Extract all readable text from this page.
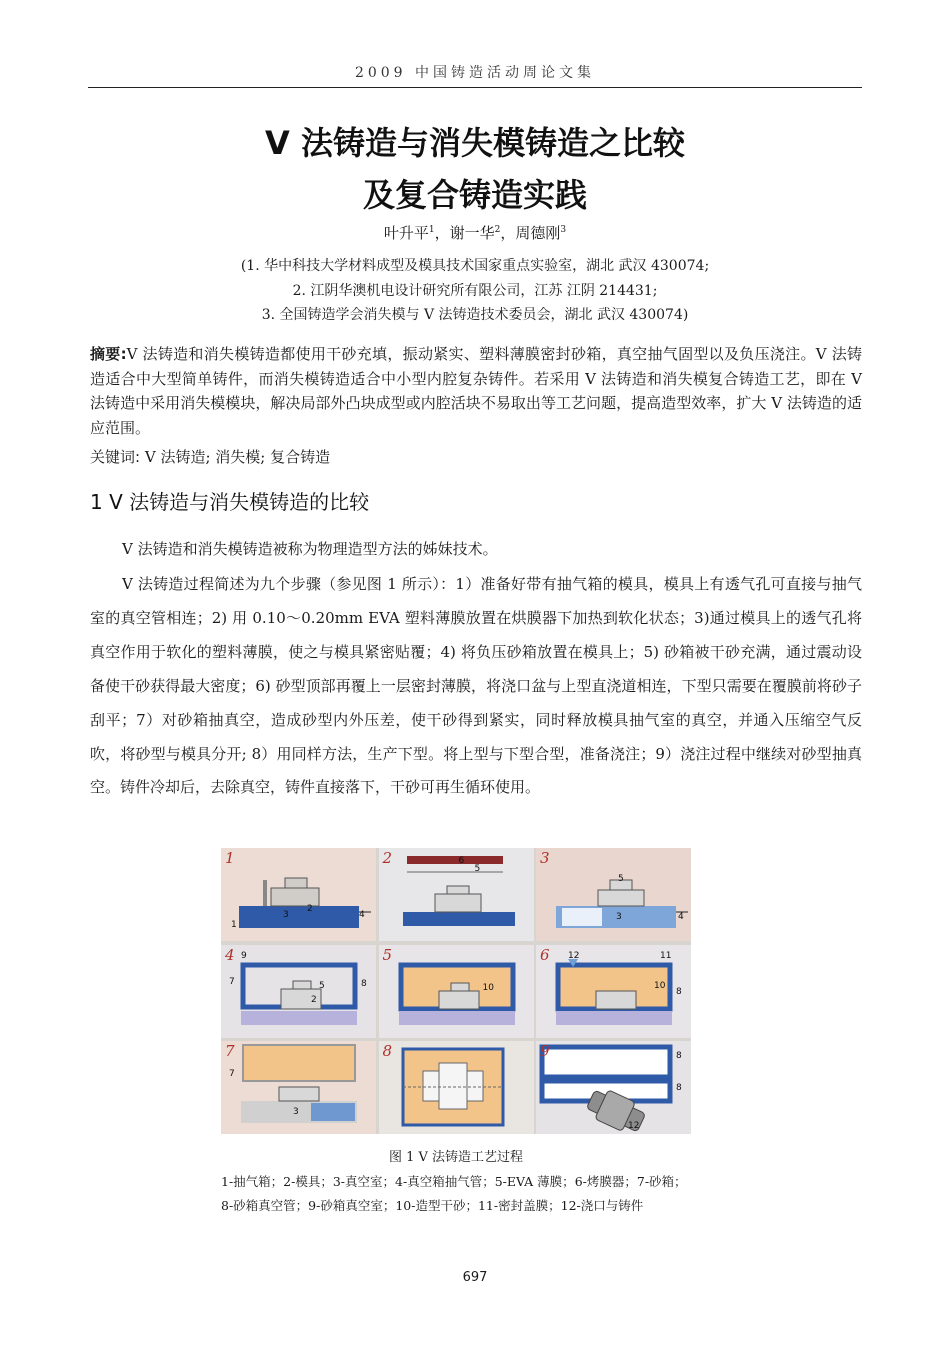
2009 中国铸造活动周论文集
V 法铸造与消失模铸造之比较
及复合铸造实践
叶升平$^1$，谢一华$^2$，周德刚$^3$
(1. 华中科技大学材料成型及模具技术国家重点实验室，湖北 武汉 430074;
2. 江阴华澳机电设计研究所有限公司，江苏 江阴 214431;
3. 全国铸造学会消失模与 V 法铸造技术委员会，湖北 武汉 430074)
摘要:V 法铸造和消失模铸造都使用干砂充填，振动紧实、塑料薄膜密封砂箱，真空抽气固型以及负压浇注。V 法铸造适合中大型简单铸件，而消失模铸造适合中小型内腔复杂铸件。若采用 V 法铸造和消失模复合铸造工艺，即在 V 法铸造中采用消失模模块，解决局部外凸块成型或内腔活块不易取出等工艺问题，提高造型效率，扩大 V 法铸造的适应范围。
关键词: V 法铸造; 消失模; 复合铸造
1 V 法铸造与消失模铸造的比较
V 法铸造和消失模铸造被称为物理造型方法的姊妹技术。
V 法铸造过程简述为九个步骤（参见图 1 所示）：1）准备好带有抽气箱的模具，模具上有透气孔可直接与抽气室的真空管相连；2) 用 0.10～0.20mm EVA 塑料薄膜放置在烘膜器下加热到软化状态；3)通过模具上的透气孔将真空作用于软化的塑料薄膜，使之与模具紧密贴覆；4) 将负压砂箱放置在模具上；5) 砂箱被干砂充满，通过震动设备使干砂获得最大密度；6) 砂型顶部再覆上一层密封薄膜，将浇口盆与上型直浇道相连，下型只需要在覆膜前将砂子刮平；7）对砂箱抽真空，造成砂型内外压差，使干砂得到紧实，同时释放模具抽气室的真空，并通入压缩空气反吹，将砂型与模具分开; 8）用同样方法，生产下型。将上型与下型合型，准备浇注；9）浇注过程中继续对砂型抽真空。铸件冷却后，去除真空，铸件直接落下，干砂可再生循环使用。
1
2
3	4
1
2	6
5
3
5
3	4
4 9
7	5
2
8
5
10
6 12	11
10
8
7
7
3
8	9	8
8
12
图 1 V 法铸造工艺过程
1-抽气箱；2-模具；3-真空室；4-真空箱抽气管；5-EVA 薄膜；6-烤膜器；7-砂箱；
8-砂箱真空管；9-砂箱真空室；10-造型干砂；11-密封盖膜；12-浇口与铸件
697
